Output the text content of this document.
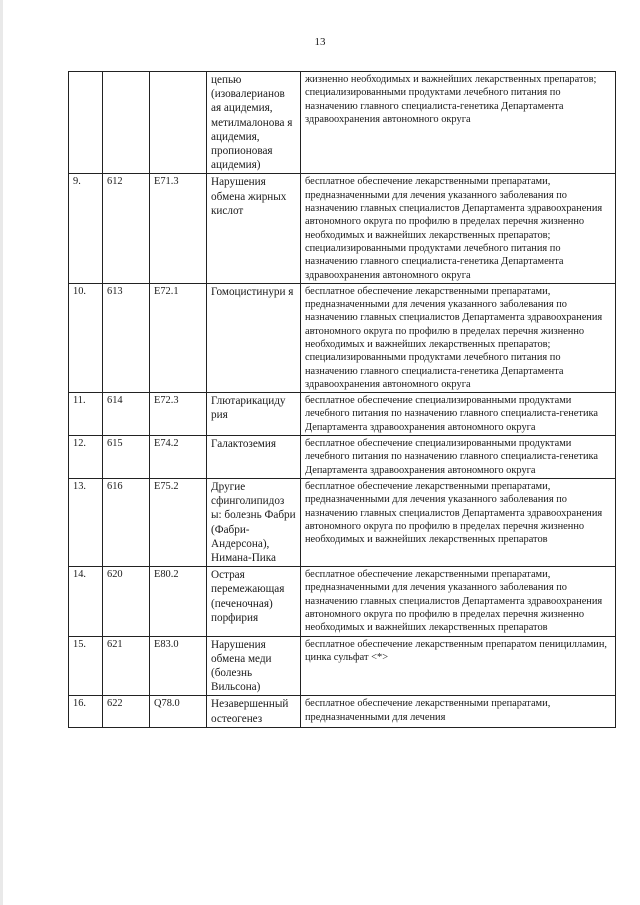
13
			цепью (изовалерианов ая ацидемия, метилмалонова я ацидемия, пропионовая ацидемия)	жизненно необходимых и важнейших лекарственных препаратов; специализированными продуктами лечебного питания по назначению главного специалиста-генетика Департамента здравоохранения автономного округа
9.	612	E71.3	Нарушения обмена жирных кислот	бесплатное обеспечение лекарственными препаратами, предназначенными для лечения указанного заболевания по назначению главных специалистов Департамента здравоохранения автономного округа по профилю в пределах перечня жизненно необходимых и важнейших лекарственных препаратов; специализированными продуктами лечебного питания по назначению главного специалиста-генетика Департамента здравоохранения автономного округа
10.	613	E72.1	Гомоцистинури я	бесплатное обеспечение лекарственными препаратами, предназначенными для лечения указанного заболевания по назначению главных специалистов Департамента здравоохранения автономного округа по профилю в пределах перечня жизненно необходимых и важнейших лекарственных препаратов; специализированными продуктами лечебного питания по назначению главного специалиста-генетика Департамента здравоохранения автономного округа
11.	614	E72.3	Глютарикациду рия	бесплатное обеспечение специализированными продуктами лечебного питания по назначению главного специалиста-генетика Департамента здравоохранения автономного округа
12.	615	E74.2	Галактоземия	бесплатное обеспечение специализированными продуктами лечебного питания по назначению главного специалиста-генетика Департамента здравоохранения автономного округа
13.	616	E75.2	Другие сфинголипидоз ы: болезнь Фабри (Фабри-Андерсона), Нимана-Пика	бесплатное обеспечение лекарственными препаратами, предназначенными для лечения указанного заболевания по назначению главных специалистов Департамента здравоохранения автономного округа по профилю в пределах перечня жизненно необходимых и важнейших лекарственных препаратов
14.	620	E80.2	Острая перемежающая (печеночная) порфирия	бесплатное обеспечение лекарственными препаратами, предназначенными для лечения указанного заболевания по назначению главных специалистов Департамента здравоохранения автономного округа по профилю в пределах перечня жизненно необходимых и важнейших лекарственных препаратов
15.	621	E83.0	Нарушения обмена меди (болезнь Вильсона)	бесплатное обеспечение лекарственным препаратом пеницилламин, цинка сульфат <*>
16.	622	Q78.0	Незавершенный остеогенез	бесплатное обеспечение лекарственными препаратами, предназначенными для лечения
